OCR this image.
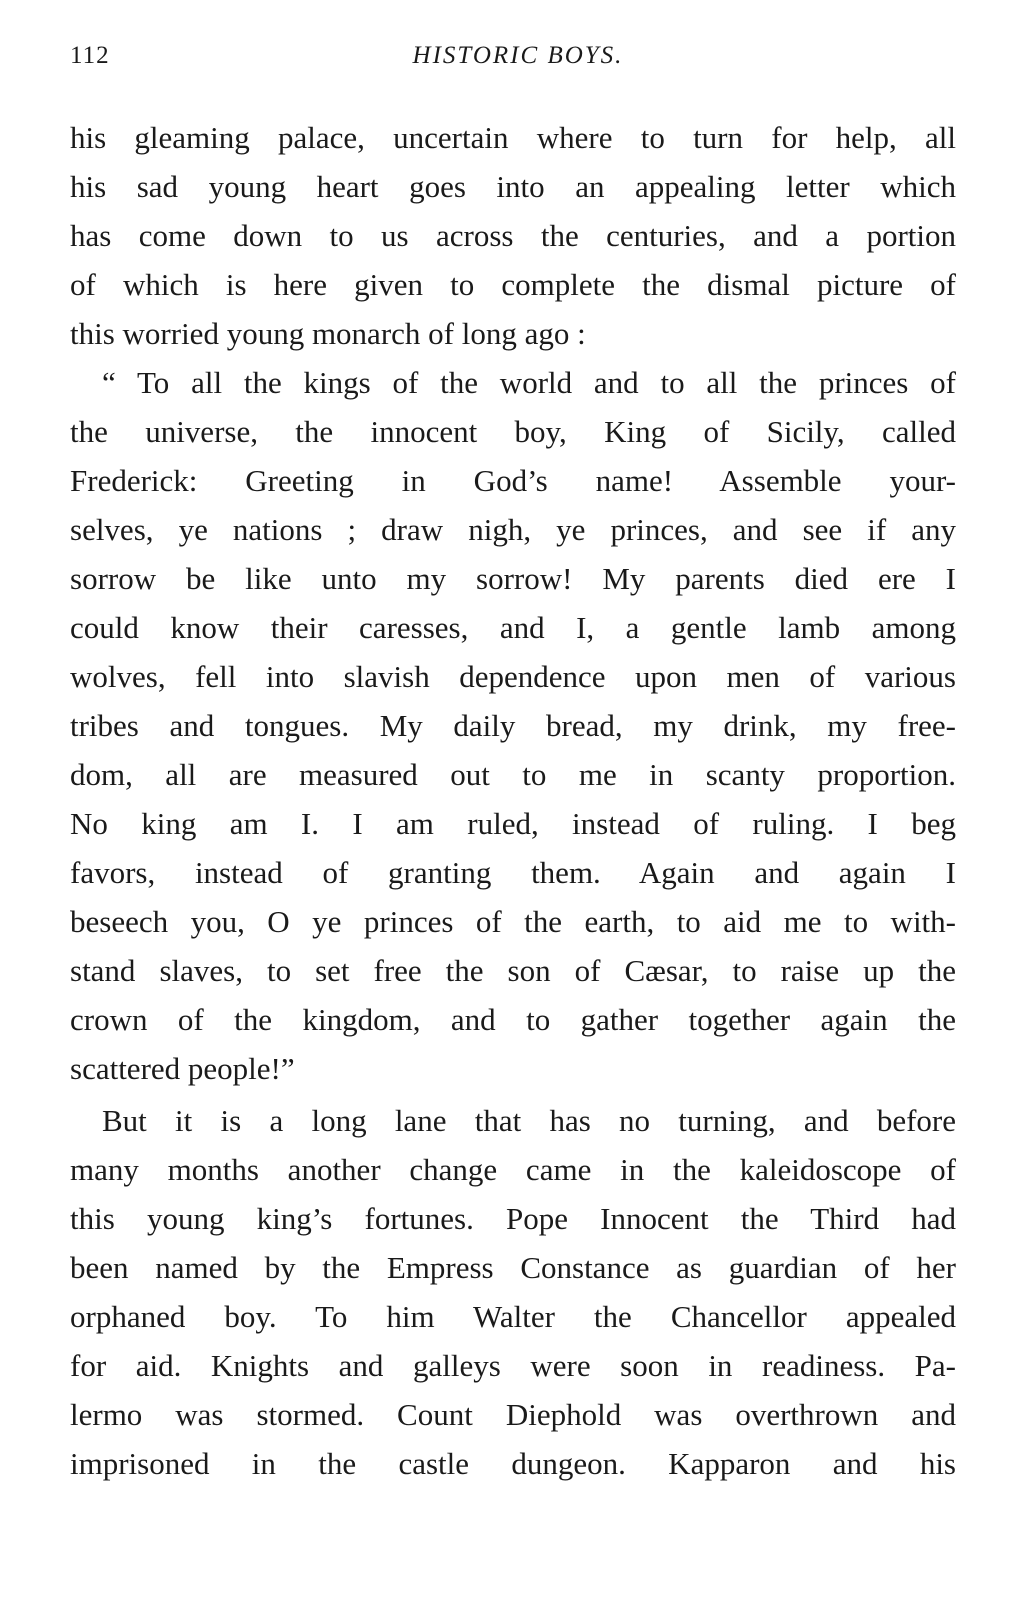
112	HISTORIC BOYS.
his gleaming palace, uncertain where to turn for help, all
his sad young heart goes into an appealing letter which
has come down to us across the centuries, and a portion
of which is here given to complete the dismal picture of
this worried young monarch of long ago :
“ To all the kings of the world and to all the princes of
the universe, the innocent boy, King of Sicily, called
Frederick: Greeting in God’s name! Assemble your-
selves, ye nations ; draw nigh, ye princes, and see if any
sorrow be like unto my sorrow! My parents died ere I
could know their caresses, and I, a gentle lamb among
wolves, fell into slavish dependence upon men of various
tribes and tongues. My daily bread, my drink, my free-
dom, all are measured out to me in scanty proportion.
No king am I. I am ruled, instead of ruling. I beg
favors, instead of granting them. Again and again I
beseech you, O ye princes of the earth, to aid me to with-
stand slaves, to set free the son of Cæsar, to raise up the
crown of the kingdom, and to gather together again the
scattered people!”
But it is a long lane that has no turning, and before
many months another change came in the kaleidoscope of
this young king’s fortunes. Pope Innocent the Third had
been named by the Empress Constance as guardian of her
orphaned boy. To him Walter the Chancellor appealed
for aid. Knights and galleys were soon in readiness. Pa-
lermo was stormed. Count Diephold was overthrown and
imprisoned in the castle dungeon. Kapparon and his
